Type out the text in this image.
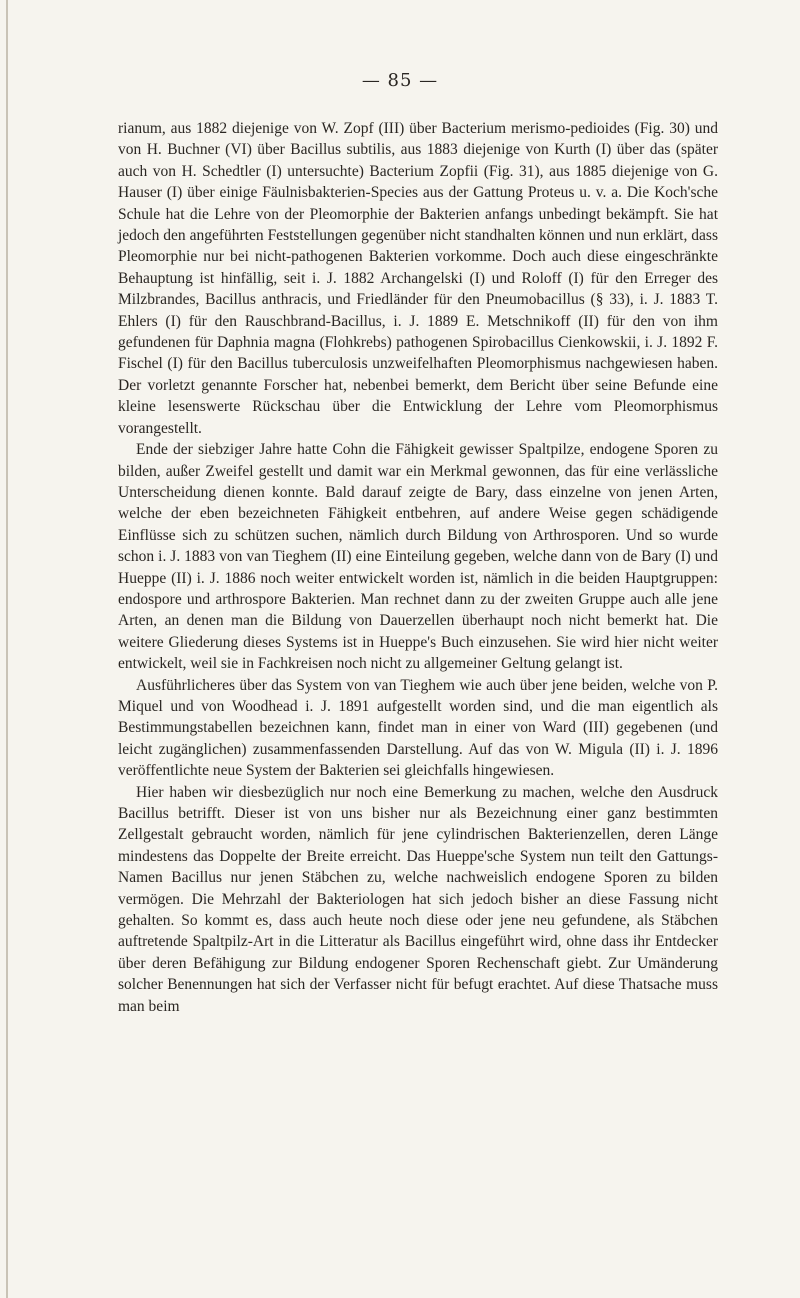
— 85 —

rianum, aus 1882 diejenige von W. Zopf (III) über Bacterium merismo-pedioides (Fig. 30) und von H. Buchner (VI) über Bacillus subtilis, aus 1883 diejenige von Kurth (I) über das (später auch von H. Schedtler (I) untersuchte) Bacterium Zopfii (Fig. 31), aus 1885 diejenige von G. Hauser (I) über einige Fäulnisbakterien-Species aus der Gattung Proteus u. v. a. Die Koch'sche Schule hat die Lehre von der Pleomorphie der Bakterien anfangs unbedingt bekämpft. Sie hat jedoch den angeführten Feststellungen gegenüber nicht standhalten können und nun erklärt, dass Pleomorphie nur bei nicht-pathogenen Bakterien vorkomme. Doch auch diese eingeschränkte Behauptung ist hinfällig, seit i. J. 1882 Archangelski (I) und Roloff (I) für den Erreger des Milzbrandes, Bacillus anthracis, und Friedländer für den Pneumobacillus (§ 33), i. J. 1883 T. Ehlers (I) für den Rauschbrand-Bacillus, i. J. 1889 E. Metschnikoff (II) für den von ihm gefundenen für Daphnia magna (Flohkrebs) pathogenen Spirobacillus Cienkowskii, i. J. 1892 F. Fischel (I) für den Bacillus tuberculosis unzweifelhaften Pleomorphismus nachgewiesen haben. Der vorletzt genannte Forscher hat, nebenbei bemerkt, dem Bericht über seine Befunde eine kleine lesenswerte Rückschau über die Entwicklung der Lehre vom Pleomorphismus vorangestellt.

Ende der siebziger Jahre hatte Cohn die Fähigkeit gewisser Spaltpilze, endogene Sporen zu bilden, außer Zweifel gestellt und damit war ein Merkmal gewonnen, das für eine verlässliche Unterscheidung dienen konnte. Bald darauf zeigte de Bary, dass einzelne von jenen Arten, welche der eben bezeichneten Fähigkeit entbehren, auf andere Weise gegen schädigende Einflüsse sich zu schützen suchen, nämlich durch Bildung von Arthrosporen. Und so wurde schon i. J. 1883 von van Tieghem (II) eine Einteilung gegeben, welche dann von de Bary (I) und Hueppe (II) i. J. 1886 noch weiter entwickelt worden ist, nämlich in die beiden Hauptgruppen: endospore und arthrospore Bakterien. Man rechnet dann zu der zweiten Gruppe auch alle jene Arten, an denen man die Bildung von Dauerzellen überhaupt noch nicht bemerkt hat. Die weitere Gliederung dieses Systems ist in Hueppe's Buch einzusehen. Sie wird hier nicht weiter entwickelt, weil sie in Fachkreisen noch nicht zu allgemeiner Geltung gelangt ist.

Ausführlicheres über das System von van Tieghem wie auch über jene beiden, welche von P. Miquel und von Woodhead i. J. 1891 aufgestellt worden sind, und die man eigentlich als Bestimmungstabellen bezeichnen kann, findet man in einer von Ward (III) gegebenen (und leicht zugänglichen) zusammenfassenden Darstellung. Auf das von W. Migula (II) i. J. 1896 veröffentlichte neue System der Bakterien sei gleichfalls hingewiesen.

Hier haben wir diesbezüglich nur noch eine Bemerkung zu machen, welche den Ausdruck Bacillus betrifft. Dieser ist von uns bisher nur als Bezeichnung einer ganz bestimmten Zellgestalt gebraucht worden, nämlich für jene cylindrischen Bakterienzellen, deren Länge mindestens das Doppelte der Breite erreicht. Das Hueppe'sche System nun teilt den Gattungs-Namen Bacillus nur jenen Stäbchen zu, welche nachweislich endogene Sporen zu bilden vermögen. Die Mehrzahl der Bakteriologen hat sich jedoch bisher an diese Fassung nicht gehalten. So kommt es, dass auch heute noch diese oder jene neu gefundene, als Stäbchen auftretende Spaltpilz-Art in die Litteratur als Bacillus eingeführt wird, ohne dass ihr Entdecker über deren Befähigung zur Bildung endogener Sporen Rechenschaft giebt. Zur Umänderung solcher Benennungen hat sich der Verfasser nicht für befugt erachtet. Auf diese Thatsache muss man beim
